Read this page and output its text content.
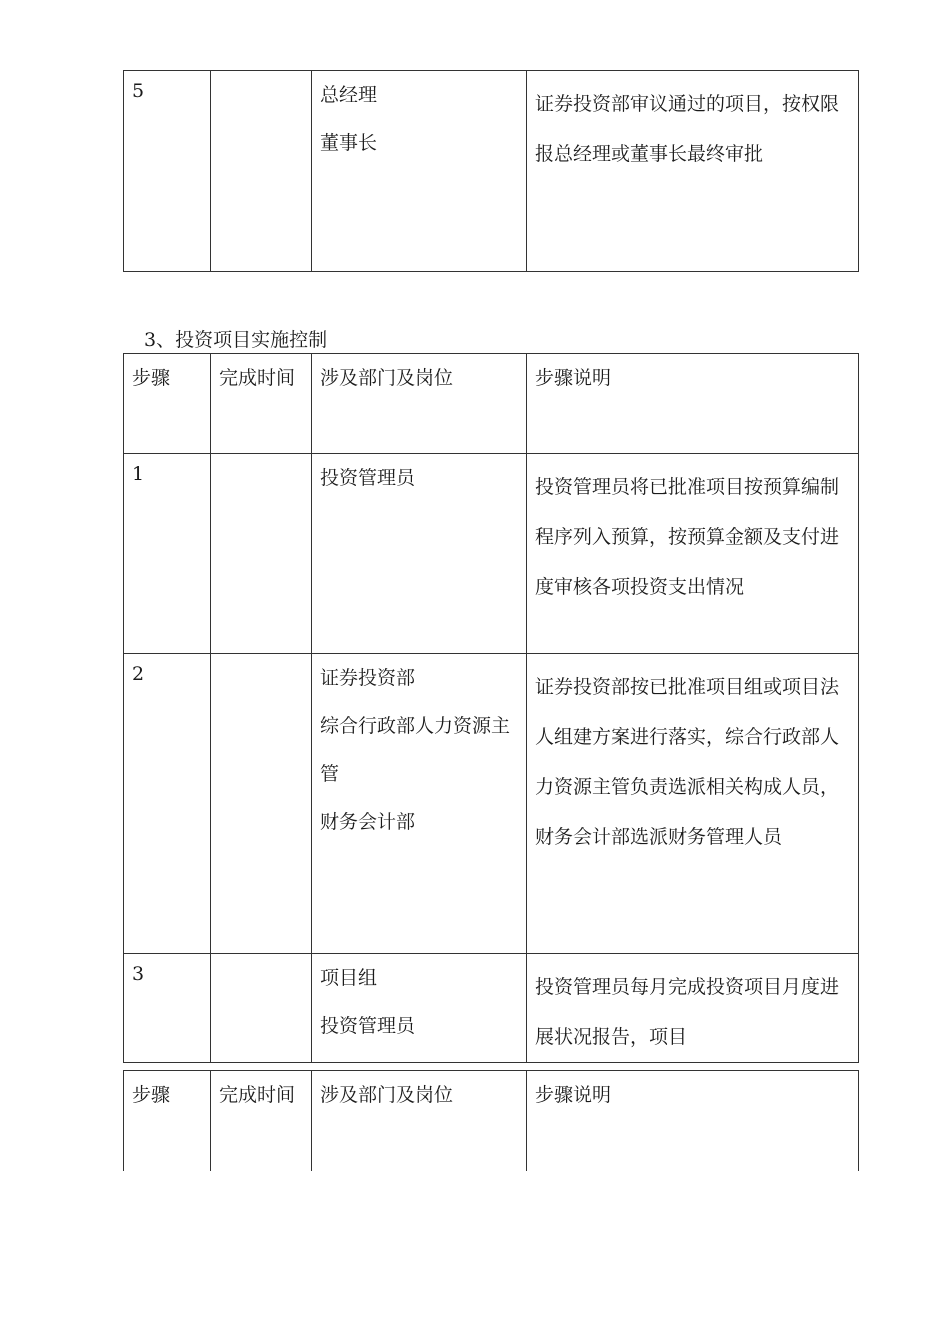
5		总经理
董事长
	证券投资部审议通过的项目，按权限报总经理或董事长最终审批
3、投资项目实施控制
步骤	完成时间	涉及部门及岗位	步骤说明
1		投资管理员	投资管理员将已批准项目按预算编制程序列入预算，按预算金额及支付进度审核各项投资支出情况
2		证券投资部
综合行政部人力资源主管
财务会计部	证券投资部按已批准项目组或项目法人组建方案进行落实，综合行政部人力资源主管负责选派相关构成人员，财务会计部选派财务管理人员
3		项目组
投资管理员	投资管理员每月完成投资项目月度进展状况报告，项目
步骤	完成时间	涉及部门及岗位	步骤说明
